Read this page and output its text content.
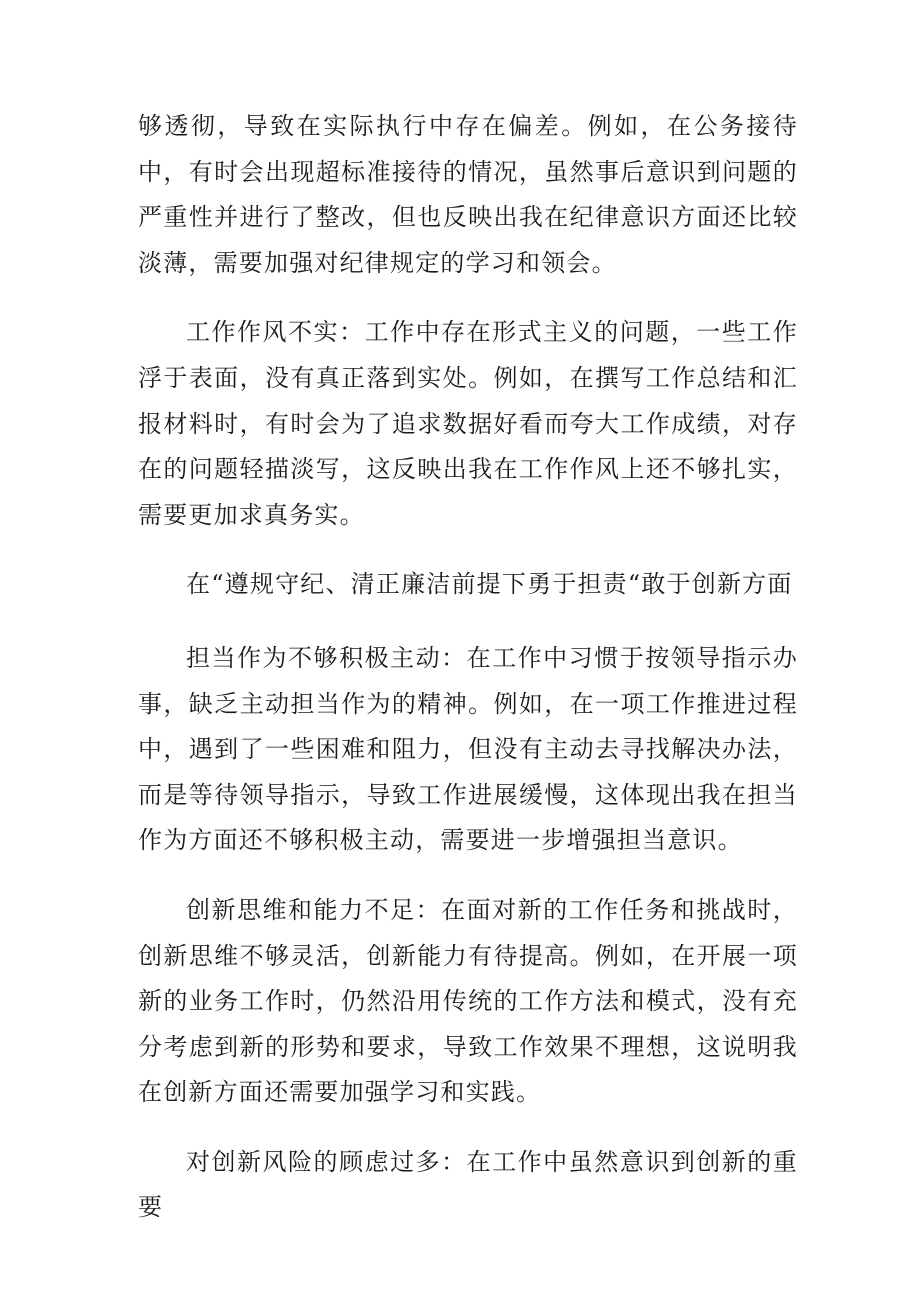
够透彻，导致在实际执行中存在偏差。例如，在公务接待中，有时会出现超标准接待的情况，虽然事后意识到问题的严重性并进行了整改，但也反映出我在纪律意识方面还比较淡薄，需要加强对纪律规定的学习和领会。

工作作风不实：工作中存在形式主义的问题，一些工作浮于表面，没有真正落到实处。例如，在撰写工作总结和汇报材料时，有时会为了追求数据好看而夸大工作成绩，对存在的问题轻描淡写，这反映出我在工作作风上还不够扎实，需要更加求真务实。

在“遵规守纪、清正廉洁前提下勇于担责“敢于创新方面

担当作为不够积极主动：在工作中习惯于按领导指示办事，缺乏主动担当作为的精神。例如，在一项工作推进过程中，遇到了一些困难和阻力，但没有主动去寻找解决办法，而是等待领导指示，导致工作进展缓慢，这体现出我在担当作为方面还不够积极主动，需要进一步增强担当意识。

创新思维和能力不足：在面对新的工作任务和挑战时，创新思维不够灵活，创新能力有待提高。例如，在开展一项新的业务工作时，仍然沿用传统的工作方法和模式，没有充分考虑到新的形势和要求，导致工作效果不理想，这说明我在创新方面还需要加强学习和实践。

对创新风险的顾虑过多：在工作中虽然意识到创新的重要
